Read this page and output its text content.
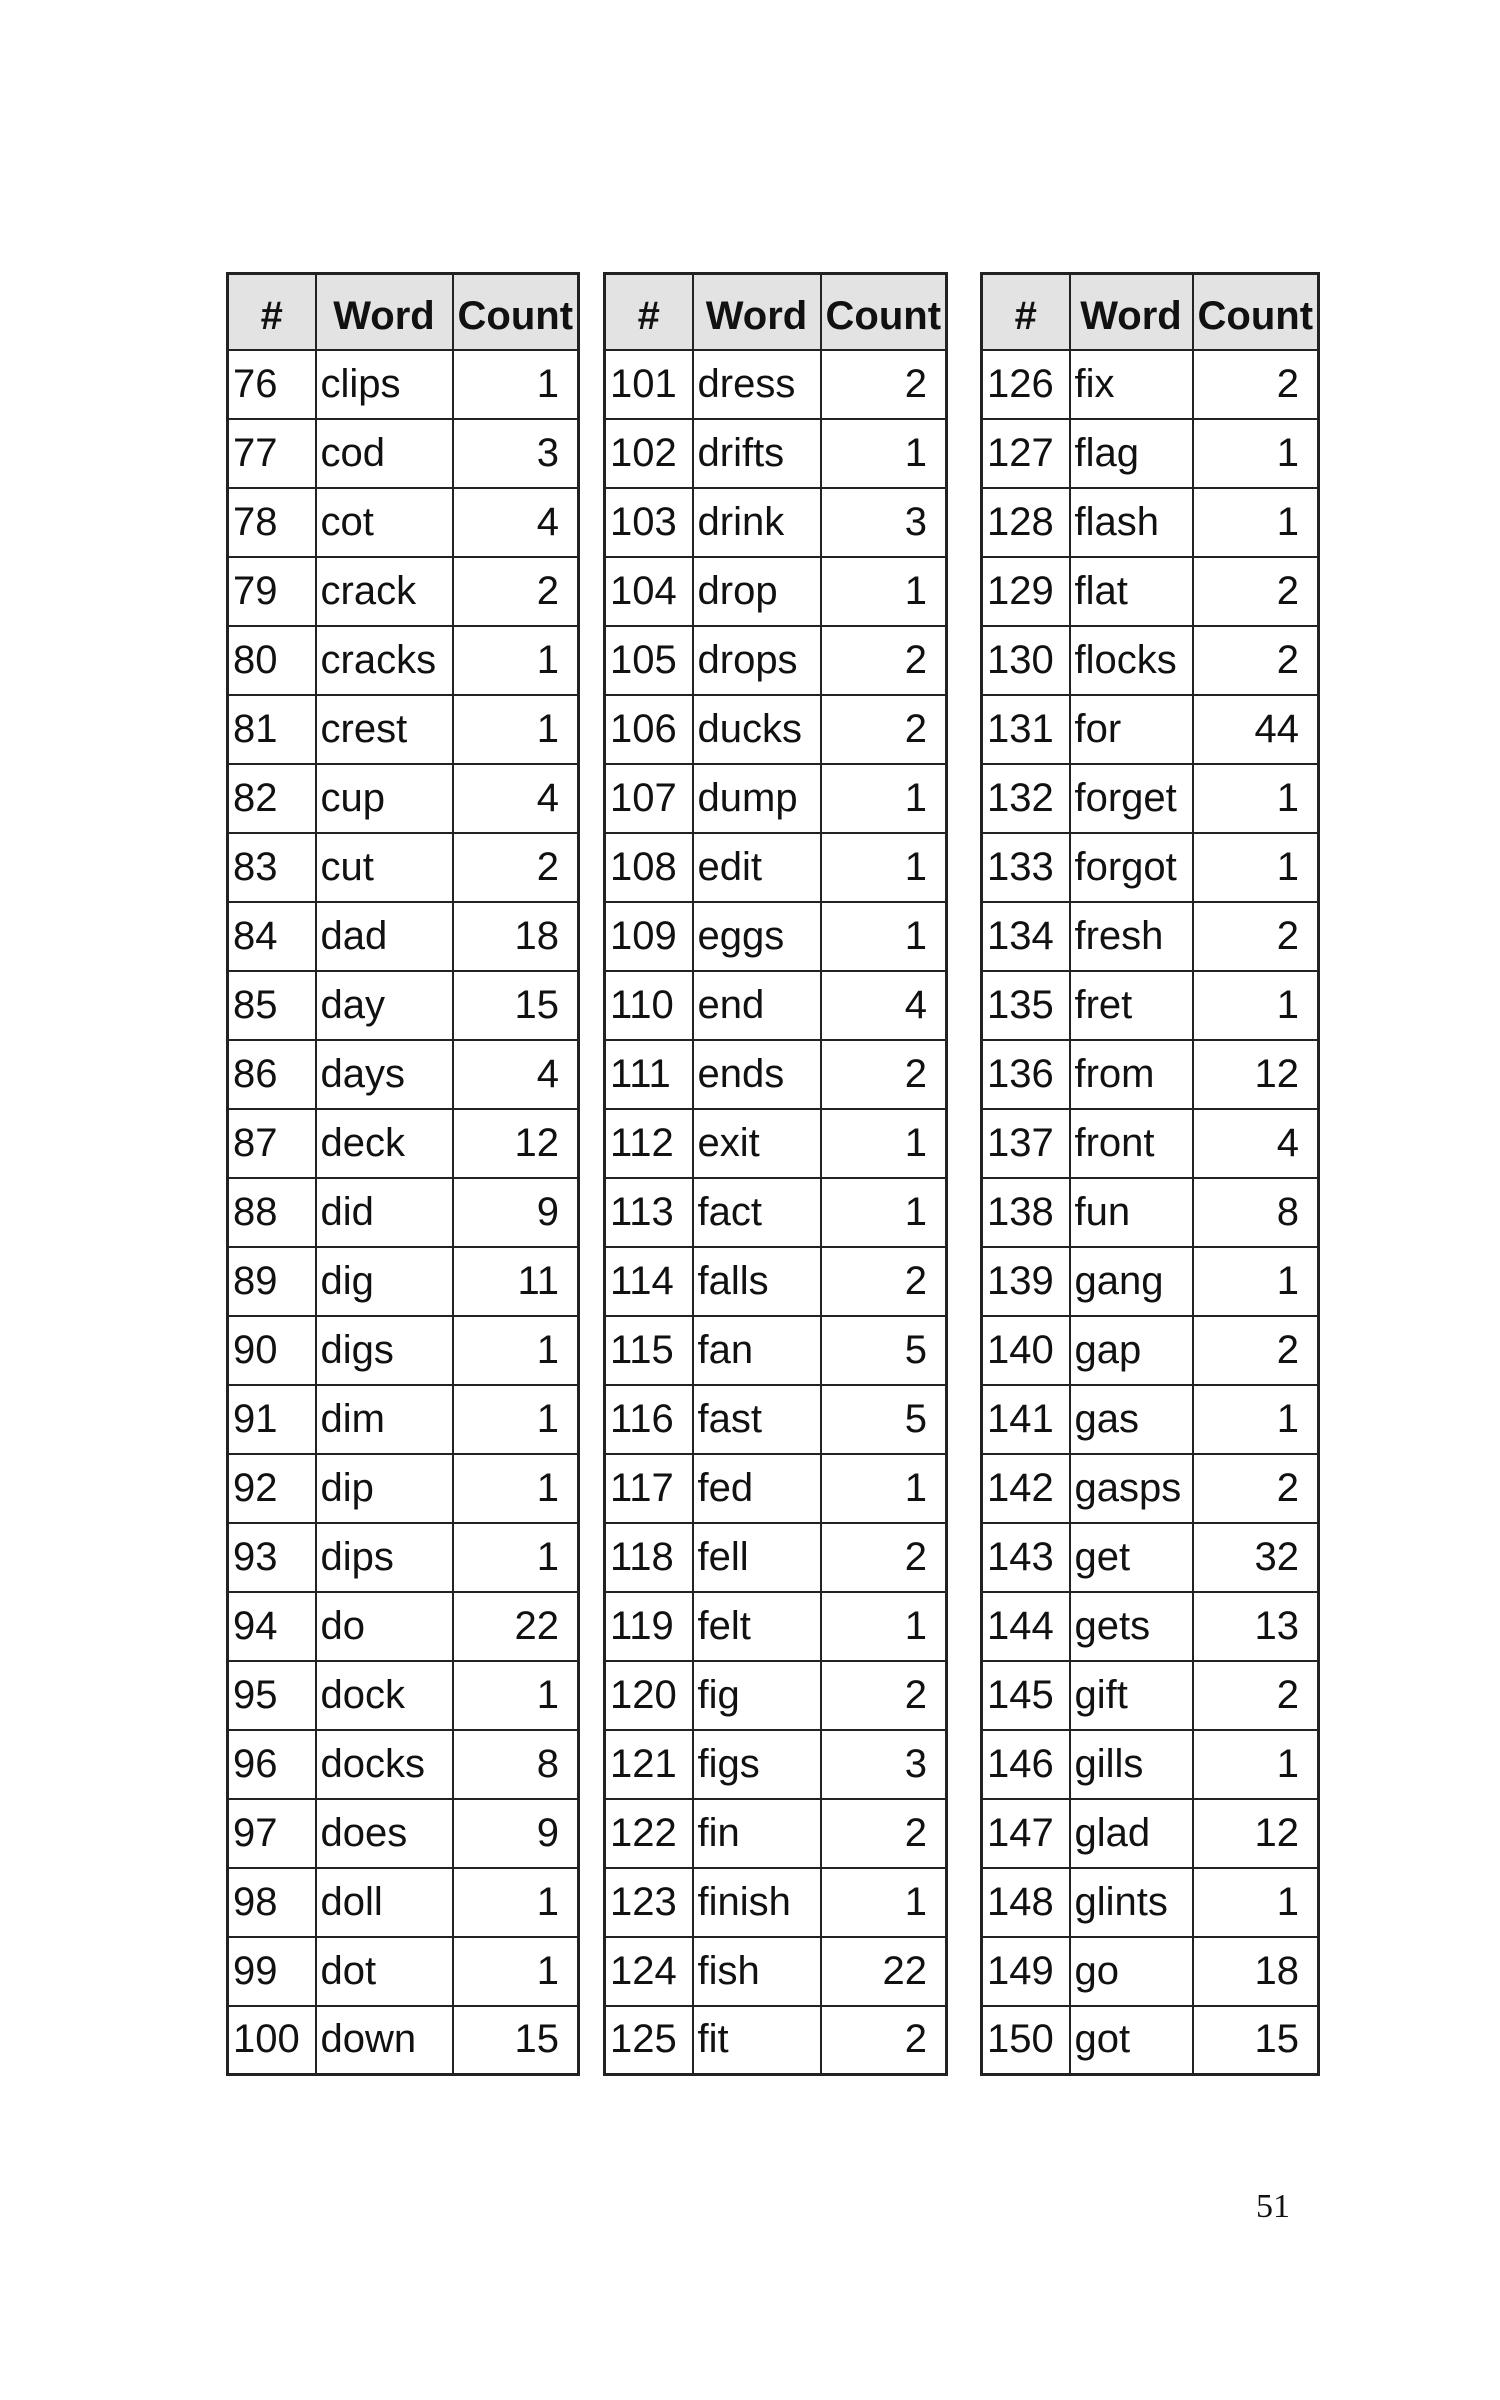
#	Word	Count
76	clips	1
77	cod	3
78	cot	4
79	crack	2
80	cracks	1
81	crest	1
82	cup	4
83	cut	2
84	dad	18
85	day	15
86	days	4
87	deck	12
88	did	9
89	dig	11
90	digs	1
91	dim	1
92	dip	1
93	dips	1
94	do	22
95	dock	1
96	docks	8
97	does	9
98	doll	1
99	dot	1
100	down	15
#	Word	Count
101	dress	2
102	drifts	1
103	drink	3
104	drop	1
105	drops	2
106	ducks	2
107	dump	1
108	edit	1
109	eggs	1
110	end	4
111	ends	2
112	exit	1
113	fact	1
114	falls	2
115	fan	5
116	fast	5
117	fed	1
118	fell	2
119	felt	1
120	fig	2
121	figs	3
122	fin	2
123	finish	1
124	fish	22
125	fit	2
#	Word	Count
126	fix	2
127	flag	1
128	flash	1
129	flat	2
130	flocks	2
131	for	44
132	forget	1
133	forgot	1
134	fresh	2
135	fret	1
136	from	12
137	front	4
138	fun	8
139	gang	1
140	gap	2
141	gas	1
142	gasps	2
143	get	32
144	gets	13
145	gift	2
146	gills	1
147	glad	12
148	glints	1
149	go	18
150	got	15
51
